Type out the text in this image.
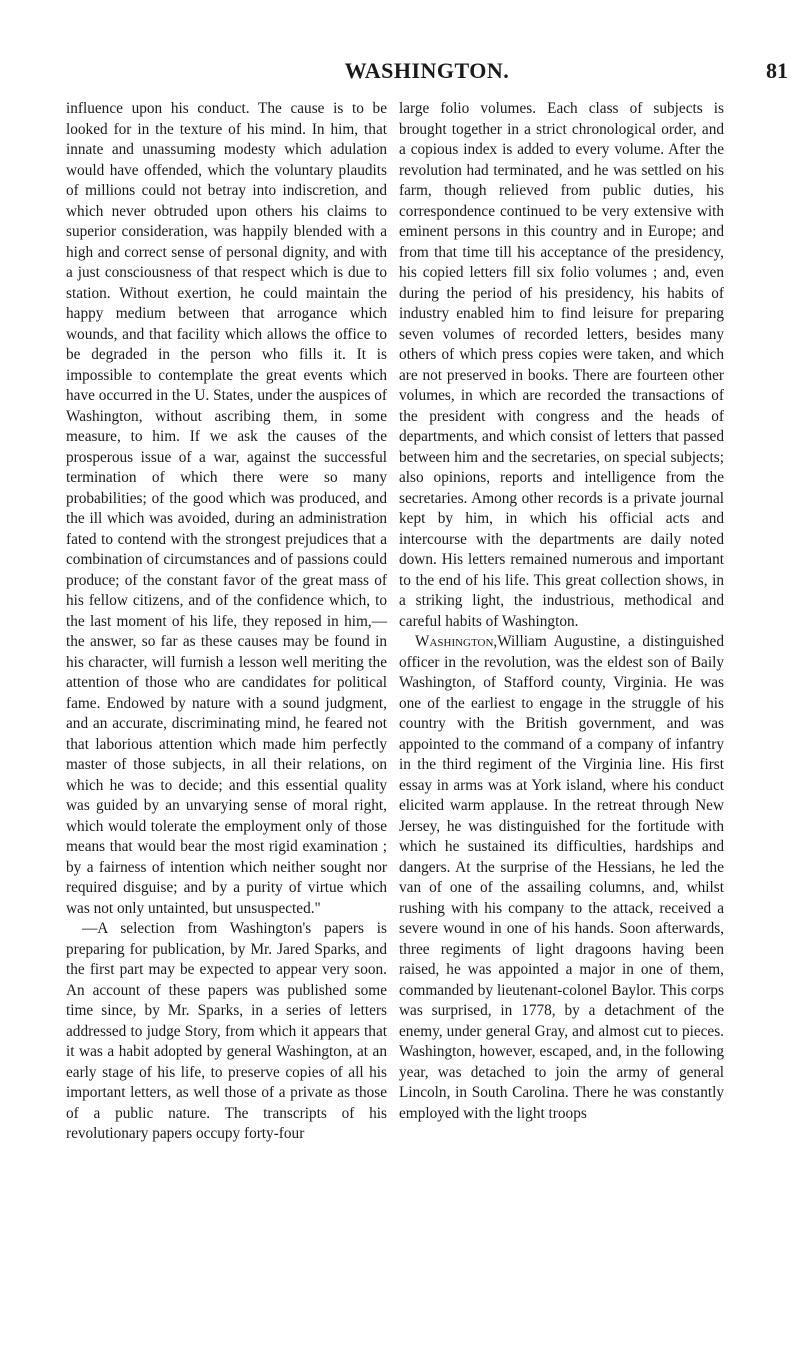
WASHINGTON.	81

influence upon his conduct. The cause is to be looked for in the texture of his mind. In him, that innate and unassuming modesty which adulation would have offended, which the voluntary plaudits of millions could not betray into indiscretion, and which never obtruded upon others his claims to superior consideration, was happily blended with a high and correct sense of personal dignity, and with a just consciousness of that respect which is due to station. Without exertion, he could maintain the happy medium between that arrogance which wounds, and that facility which allows the office to be degraded in the person who fills it. It is impossible to contemplate the great events which have occurred in the U. States, under the auspices of Washington, without ascribing them, in some measure, to him. If we ask the causes of the prosperous issue of a war, against the successful termination of which there were so many probabilities; of the good which was produced, and the ill which was avoided, during an administration fated to contend with the strongest prejudices that a combination of circumstances and of passions could produce; of the constant favor of the great mass of his fellow citizens, and of the confidence which, to the last moment of his life, they reposed in him,—the answer, so far as these causes may be found in his character, will furnish a lesson well meriting the attention of those who are candidates for political fame. Endowed by nature with a sound judgment, and an accurate, discriminating mind, he feared not that laborious attention which made him perfectly master of those subjects, in all their relations, on which he was to decide; and this essential quality was guided by an unvarying sense of moral right, which would tolerate the employment only of those means that would bear the most rigid examination ; by a fairness of intention which neither sought nor required disguise; and by a purity of virtue which was not only untainted, but unsuspected."

—A selection from Washington's papers is preparing for publication, by Mr. Jared Sparks, and the first part may be expected to appear very soon. An account of these papers was published some time since, by Mr. Sparks, in a series of letters addressed to judge Story, from which it appears that it was a habit adopted by general Washington, at an early stage of his life, to preserve copies of all his important letters, as well those of a private as those of a public nature. The transcripts of his revolutionary papers occupy forty-four

large folio volumes. Each class of subjects is brought together in a strict chronological order, and a copious index is added to every volume. After the revolution had terminated, and he was settled on his farm, though relieved from public duties, his correspondence continued to be very extensive with eminent persons in this country and in Europe; and from that time till his acceptance of the presidency, his copied letters fill six folio volumes ; and, even during the period of his presidency, his habits of industry enabled him to find leisure for preparing seven volumes of recorded letters, besides many others of which press copies were taken, and which are not preserved in books. There are fourteen other volumes, in which are recorded the transactions of the president with congress and the heads of departments, and which consist of letters that passed between him and the secretaries, on special subjects; also opinions, reports and intelligence from the secretaries. Among other records is a private journal kept by him, in which his official acts and intercourse with the departments are daily noted down. His letters remained numerous and important to the end of his life. This great collection shows, in a striking light, the industrious, methodical and careful habits of Washington.

Washington,William Augustine, a distinguished officer in the revolution, was the eldest son of Baily Washington, of Stafford county, Virginia. He was one of the earliest to engage in the struggle of his country with the British government, and was appointed to the command of a company of infantry in the third regiment of the Virginia line. His first essay in arms was at York island, where his conduct elicited warm applause. In the retreat through New Jersey, he was distinguished for the fortitude with which he sustained its difficulties, hardships and dangers. At the surprise of the Hessians, he led the van of one of the assailing columns, and, whilst rushing with his company to the attack, received a severe wound in one of his hands. Soon afterwards, three regiments of light dragoons having been raised, he was appointed a major in one of them, commanded by lieutenant-colonel Baylor. This corps was surprised, in 1778, by a detachment of the enemy, under general Gray, and almost cut to pieces. Washington, however, escaped, and, in the following year, was detached to join the army of general Lincoln, in South Carolina. There he was constantly employed with the light troops
